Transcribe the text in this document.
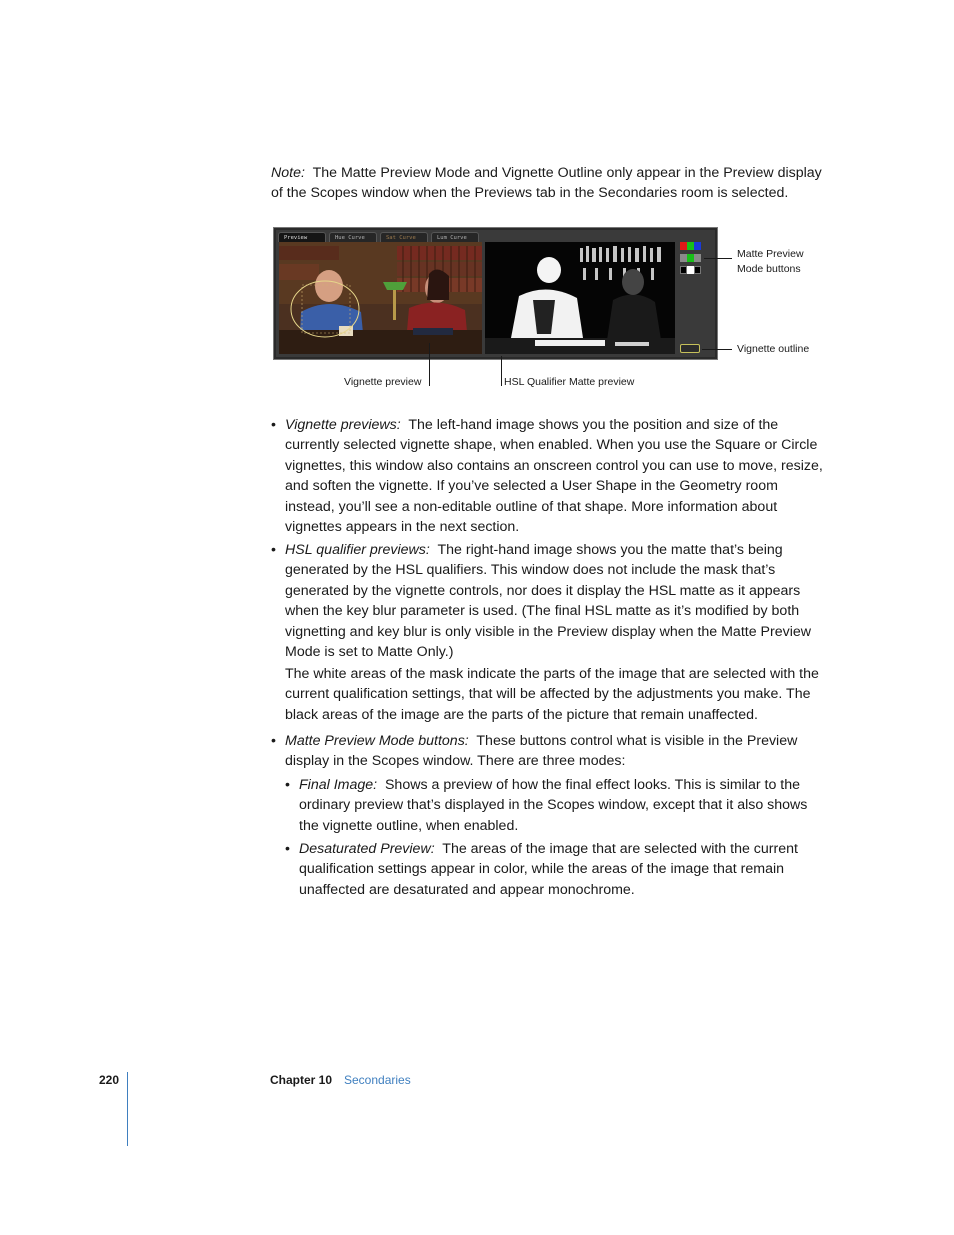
Note: The Matte Preview Mode and Vignette Outline only appear in the Preview display of the Scopes window when the Previews tab in the Secondaries room is selected.

Preview	Hue Curve	Sat Curve	Lum Curve
Matte Preview
Mode buttons
Vignette outline
Vignette preview	HSL Qualifier Matte preview
• Vignette previews: The left-hand image shows you the position and size of the currently selected vignette shape, when enabled. When you use the Square or Circle vignettes, this window also contains an onscreen control you can use to move, resize, and soften the vignette. If you’ve selected a User Shape in the Geometry room instead, you’ll see a non-editable outline of that shape. More information about vignettes appears in the next section.

• HSL qualifier previews: The right-hand image shows you the matte that’s being generated by the HSL qualifiers. This window does not include the mask that’s generated by the vignette controls, nor does it display the HSL matte as it appears when the key blur parameter is used. (The final HSL matte as it’s modified by both vignetting and key blur is only visible in the Preview display when the Matte Preview Mode is set to Matte Only.)

The white areas of the mask indicate the parts of the image that are selected with the current qualification settings, that will be affected by the adjustments you make. The black areas of the image are the parts of the picture that remain unaffected.

• Matte Preview Mode buttons: These buttons control what is visible in the Preview display in the Scopes window. There are three modes:

• Final Image: Shows a preview of how the final effect looks. This is similar to the ordinary preview that’s displayed in the Scopes window, except that it also shows the vignette outline, when enabled.

• Desaturated Preview: The areas of the image that are selected with the current qualification settings appear in color, while the areas of the image that remain unaffected are desaturated and appear monochrome.

220	Chapter 10 Secondaries
